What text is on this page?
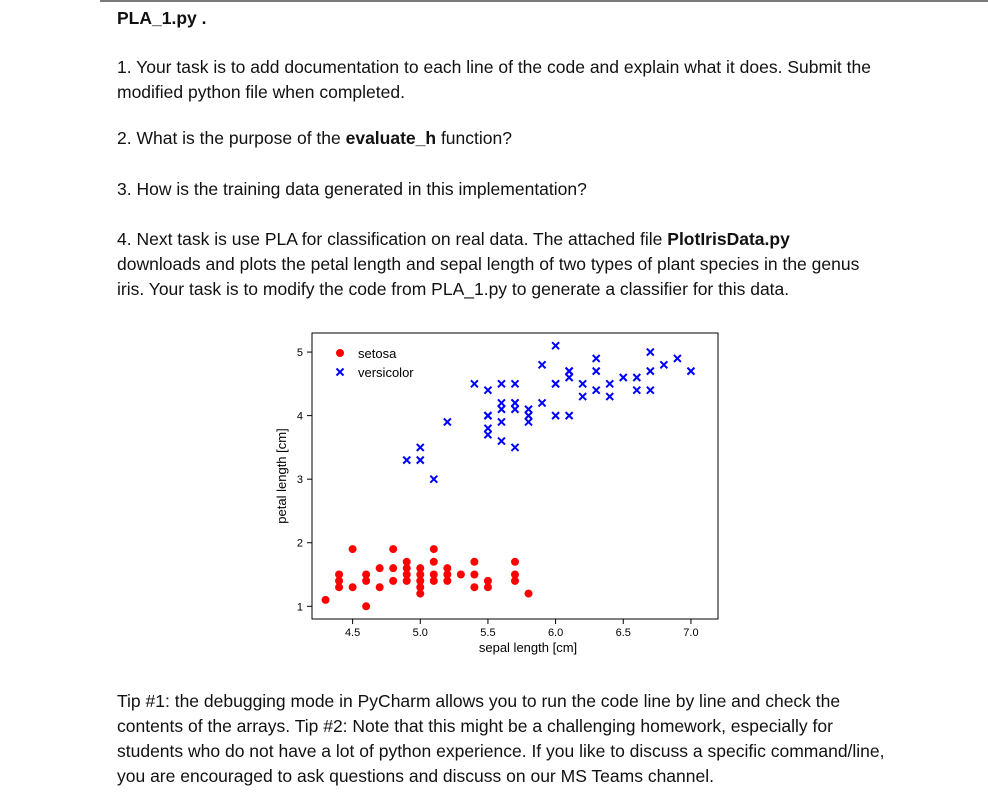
PLA_1.py .

1. Your task is to add documentation to each line of the code and explain what it does. Submit the modified python file when completed.

2. What is the purpose of the evaluate_h function?

3. How is the training data generated in this implementation?

4. Next task is use PLA for classification on real data. The attached file PlotIrisData.py downloads and plots the petal length and sepal length of two types of plant species in the genus iris. Your task is to modify the code from PLA_1.py to generate a classifier for this data.

4.5	5.0	5.5	6.0	6.5	7.0
1
2
3
4
5
sepal length [cm]
petal length [cm]
setosa
versicolor

Tip #1: the debugging mode in PyCharm allows you to run the code line by line and check the contents of the arrays. Tip #2: Note that this might be a challenging homework, especially for students who do not have a lot of python experience. If you like to discuss a specific command/line, you are encouraged to ask questions and discuss on our MS Teams channel.
